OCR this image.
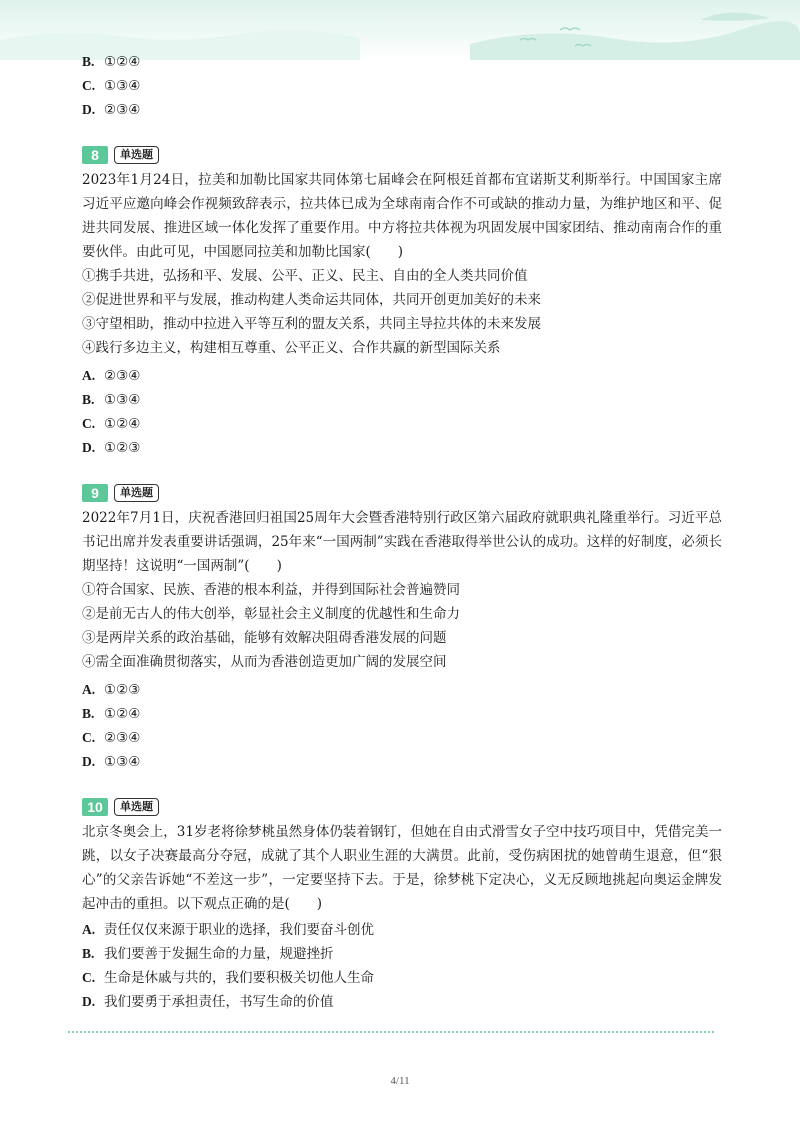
B. ①②④
C. ①③④
D. ②③④
8	单选题
2023年1月24日，拉美和加勒比国家共同体第七届峰会在阿根廷首都布宜诺斯艾利斯举行。中国国家主席习近平应邀向峰会作视频致辞表示，拉共体已成为全球南南合作不可或缺的推动力量，为维护地区和平、促进共同发展、推进区域一体化发挥了重要作用。中方将拉共体视为巩固发展中国家团结、推动南南合作的重要伙伴。由此可见，中国愿同拉美和加勒比国家(　　)
①携手共进，弘扬和平、发展、公平、正义、民主、自由的全人类共同价值
②促进世界和平与发展，推动构建人类命运共同体，共同开创更加美好的未来
③守望相助，推动中拉进入平等互利的盟友关系，共同主导拉共体的未来发展
④践行多边主义，构建相互尊重、公平正义、合作共赢的新型国际关系
A. ②③④
B. ①③④
C. ①②④
D. ①②③
9	单选题
2022年7月1日，庆祝香港回归祖国25周年大会暨香港特别行政区第六届政府就职典礼隆重举行。习近平总书记出席并发表重要讲话强调，25年来“一国两制”实践在香港取得举世公认的成功。这样的好制度，必须长期坚持！这说明“一国两制”(　　)
①符合国家、民族、香港的根本利益，并得到国际社会普遍赞同
②是前无古人的伟大创举，彰显社会主义制度的优越性和生命力
③是两岸关系的政治基础，能够有效解决阻碍香港发展的问题
④需全面准确贯彻落实，从而为香港创造更加广阔的发展空间
A. ①②③
B. ①②④
C. ②③④
D. ①③④
10	单选题
北京冬奥会上，31岁老将徐梦桃虽然身体仍装着钢钉，但她在自由式滑雪女子空中技巧项目中，凭借完美一跳，以女子决赛最高分夺冠，成就了其个人职业生涯的大满贯。此前，受伤病困扰的她曾萌生退意，但“狠心”的父亲告诉她“不差这一步”，一定要坚持下去。于是，徐梦桃下定决心，义无反顾地挑起向奥运金牌发起冲击的重担。以下观点正确的是(　　)
A. 责任仅仅来源于职业的选择，我们要奋斗创优
B. 我们要善于发掘生命的力量，规避挫折
C. 生命是休戚与共的，我们要积极关切他人生命
D. 我们要勇于承担责任，书写生命的价值
4/11
